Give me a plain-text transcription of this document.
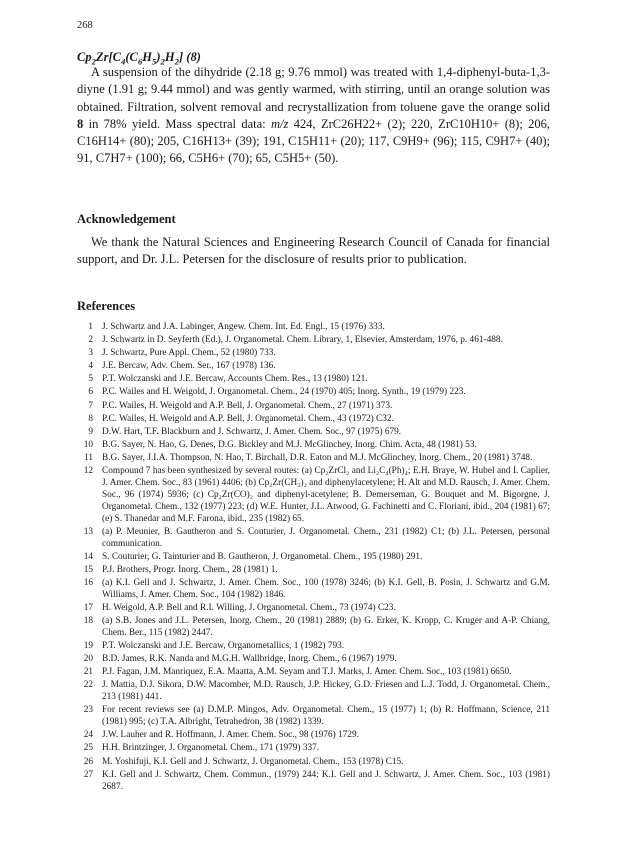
268
$Cp_2Zr[C_4(C_6H_5)_2H_2]$ (8)

A suspension of the dihydride (2.18 g; 9.76 mmol) was treated with 1,4-diphenyl-buta-1,3-diyne (1.91 g; 9.44 mmol) and was gently warmed, with stirring, until an orange solution was obtained. Filtration, solvent removal and recrystallization from toluene gave the orange solid 8 in 78% yield. Mass spectral data: m/z 424, ZrC26H22+ (2); 220, ZrC10H10+ (8); 206, C16H14+ (80); 205, C16H13+ (39); 191, C15H11+ (20); 117, C9H9+ (96); 115, C9H7+ (40); 91, C7H7+ (100); 66, C5H6+ (70); 65, C5H5+ (50).

Acknowledgement

We thank the Natural Sciences and Engineering Research Council of Canada for financial support, and Dr. J.L. Petersen for the disclosure of results prior to publication.

References
1 J. Schwartz and J.A. Labinger, Angew. Chem. Int. Ed. Engl., 15 (1976) 333.
2 J. Schwartz in D. Seyferth (Ed.), J. Organometal. Chem. Library, 1, Elsevier, Amsterdam, 1976, p. 461-488.
3 J. Schwartz, Pure Appl. Chem., 52 (1980) 733.
4 J.E. Bercaw, Adv. Chem. Ser., 167 (1978) 136.
5 P.T. Wolczanski and J.E. Bercaw, Accounts Chem. Res., 13 (1980) 121.
6 P.C. Wailes and H. Weigold, J. Organometal. Chem., 24 (1970) 405; Inorg. Synth., 19 (1979) 223.
7 P.C. Wailes, H. Weigold and A.P. Bell, J. Organometal. Chem., 27 (1971) 373.
8 P.C. Wailes, H. Weigold and A.P. Bell, J. Organometal. Chem., 43 (1972) C32.
9 D.W. Hart, T.F. Blackburn and J. Schwartz, J. Amer. Chem. Soc., 97 (1975) 679.
10 B.G. Sayer, N. Hao, G. Denes, D.G. Bickley and M.J. McGlinchey, Inorg. Chim. Acta, 48 (1981) 53.
11 B.G. Sayer, J.I.A. Thompson, N. Hao, T. Birchall, D.R. Eaton and M.J. McGlinchey, Inorg. Chem., 20 (1981) 3748.
12 Compound 7 has been synthesized by several routes: (a) Cp₂ZrCl₂ and Li₂C₄(Ph)₄; E.H. Braye, W. Hubel and I. Caplier, J. Amer. Chem. Soc., 83 (1961) 4406; (b) Cp₂Zr(CH₃)₂ and diphenylacetylene; H. Alt and M.D. Rausch, J. Amer. Chem. Soc., 96 (1974) 5936; (c) Cp₂Zr(CO)₂ and diphenyl-acetylene; B. Demerseman, G. Bouquet and M. Bigorgne, J. Organometal. Chem., 132 (1977) 223; (d) W.E. Hunter, J.L. Atwood, G. Fachinetti and C. Floriani, ibid., 204 (1981) 67; (e) S. Thanedar and M.F. Farona, ibid., 235 (1982) 65.
13 (a) P. Meunier, B. Gautheron and S. Couturier, J. Organometal. Chem., 231 (1982) C1; (b) J.L. Petersen, personal communication.
14 S. Couturier, G. Tainturier and B. Gautheron, J. Organometal. Chem., 195 (1980) 291.
15 P.J. Brothers, Progr. Inorg. Chem., 28 (1981) 1.
16 (a) K.I. Gell and J. Schwartz, J. Amer. Chem. Soc., 100 (1978) 3246; (b) K.I. Gell, B. Posin, J. Schwartz and G.M. Williams, J. Amer. Chem. Soc., 104 (1982) 1846.
17 H. Weigold, A.P. Bell and R.I. Willing, J. Organometal. Chem., 73 (1974) C23.
18 (a) S.B. Jones and J.L. Petersen, Inorg. Chem., 20 (1981) 2889; (b) G. Erker, K. Kropp, C. Kruger and A-P. Chiang, Chem. Ber., 115 (1982) 2447.
19 P.T. Wolczanski and J.E. Bercaw, Organometallics, 1 (1982) 793.
20 B.D. James, R.K. Nanda and M.G.H. Wallbridge, Inorg. Chem., 6 (1967) 1979.
21 P.J. Fagan, J.M. Manriquez, E.A. Maatta, A.M. Seyam and T.J. Marks, J. Amer. Chem. Soc., 103 (1981) 6650.
22 J. Mattia, D.J. Sikora, D.W. Macomber, M.D. Rausch, J.P. Hickey, G.D. Friesen and L.J. Todd, J. Organometal. Chem., 213 (1981) 441.
23 For recent reviews see (a) D.M.P. Mingos, Adv. Organometal. Chem., 15 (1977) 1; (b) R. Hoffmann, Science, 211 (1981) 995; (c) T.A. Albright, Tetrahedron, 38 (1982) 1339.
24 J.W. Lauher and R. Hoffmann, J. Amer. Chem. Soc., 98 (1976) 1729.
25 H.H. Brintzinger, J. Organometal. Chem., 171 (1979) 337.
26 M. Yoshifuji, K.I. Gell and J. Schwartz, J. Organometal. Chem., 153 (1978) C15.
27 K.I. Gell and J. Schwartz, Chem. Commun., (1979) 244; K.I. Gell and J. Schwartz, J. Amer. Chem. Soc., 103 (1981) 2687.
